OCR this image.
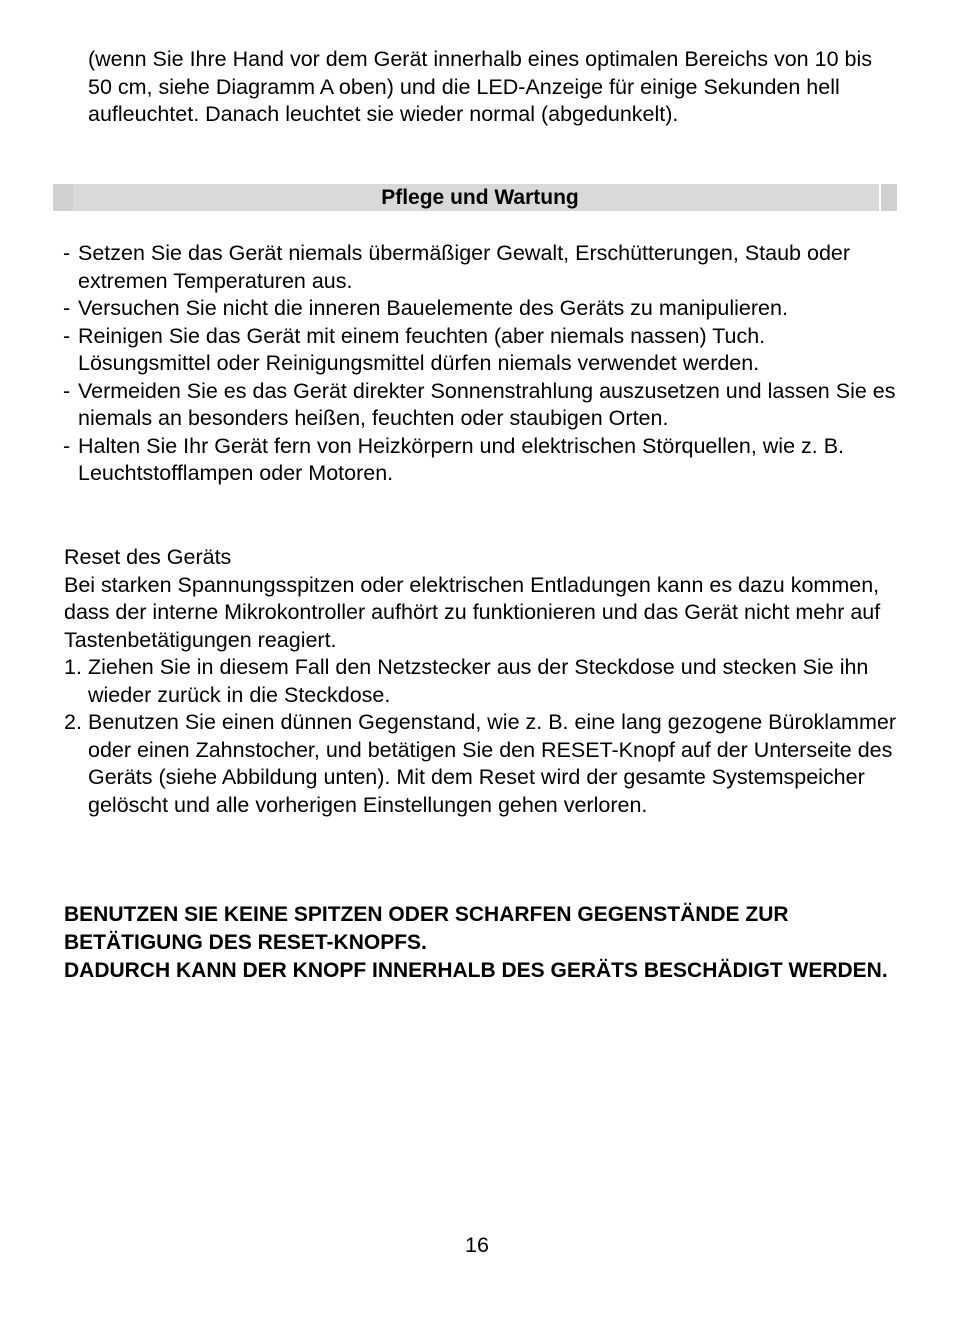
(wenn Sie Ihre Hand vor dem Gerät innerhalb eines optimalen Bereichs von 10 bis 50 cm, siehe Diagramm A oben) und die LED-Anzeige für einige Sekunden hell aufleuchtet. Danach leuchtet sie wieder normal (abgedunkelt).

Pflege und Wartung
- Setzen Sie das Gerät niemals übermäßiger Gewalt, Erschütterungen, Staub oder extremen Temperaturen aus.
- Versuchen Sie nicht die inneren Bauelemente des Geräts zu manipulieren.
- Reinigen Sie das Gerät mit einem feuchten (aber niemals nassen) Tuch. Lösungsmittel oder Reinigungsmittel dürfen niemals verwendet werden.
- Vermeiden Sie es das Gerät direkter Sonnenstrahlung auszusetzen und lassen Sie es niemals an besonders heißen, feuchten oder staubigen Orten.
- Halten Sie Ihr Gerät fern von Heizkörpern und elektrischen Störquellen, wie z. B. Leuchtstofflampen oder Motoren.

Reset des Geräts

Bei starken Spannungsspitzen oder elektrischen Entladungen kann es dazu kommen, dass der interne Mikrokontroller aufhört zu funktionieren und das Gerät nicht mehr auf Tastenbetätigungen reagiert.

1. Ziehen Sie in diesem Fall den Netzstecker aus der Steckdose und stecken Sie ihn wieder zurück in die Steckdose.
2. Benutzen Sie einen dünnen Gegenstand, wie z. B. eine lang gezogene Büroklammer oder einen Zahnstocher, und betätigen Sie den RESET-Knopf auf der Unterseite des Geräts (siehe Abbildung unten). Mit dem Reset wird der gesamte Systemspeicher gelöscht und alle vorherigen Einstellungen gehen verloren.

BENUTZEN SIE KEINE SPITZEN ODER SCHARFEN GEGENSTÄNDE ZUR BETÄTIGUNG DES RESET-KNOPFS.

DADURCH KANN DER KNOPF INNERHALB DES GERÄTS BESCHÄDIGT WERDEN.

16
